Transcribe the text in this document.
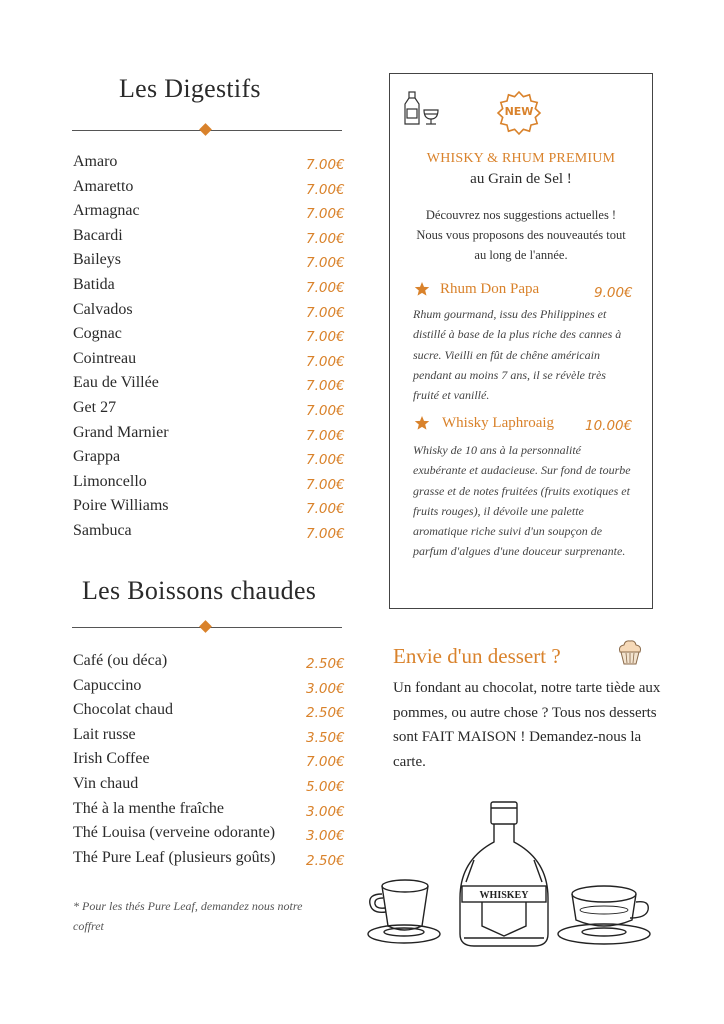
Les Digestifs
Amaro	7.00€
Amaretto	7.00€
Armagnac	7.00€
Bacardi	7.00€
Baileys	7.00€
Batida	7.00€
Calvados	7.00€
Cognac	7.00€
Cointreau	7.00€
Eau de Villée	7.00€
Get 27	7.00€
Grand Marnier	7.00€
Grappa	7.00€
Limoncello	7.00€
Poire Williams	7.00€
Sambuca	7.00€
Les Boissons chaudes
Café (ou déca)	2.50€
Capuccino	3.00€
Chocolat chaud	2.50€
Lait russe	3.50€
Irish Coffee	7.00€
Vin chaud	5.00€
Thé à la menthe fraîche	3.00€
Thé Louisa (verveine odorante) 3.00€
Thé Pure Leaf (plusieurs goûts) 2.50€
* Pour les thés Pure Leaf, demandez nous notre coffret
NEW
WHISKY & RHUM PREMIUM
au Grain de Sel !
Découvrez nos suggestions actuelles ! Nous vous proposons des nouveautés tout au long de l'année.
Rhum Don Papa	9.00€
Rhum gourmand, issu des Philippines et distillé à base de la plus riche des cannes à sucre. Vieilli en fût de chêne américain pendant au moins 7 ans, il se révèle très fruité et vanillé.
Whisky Laphroaig 10.00€
Whisky de 10 ans à la personnalité exubérante et audacieuse. Sur fond de tourbe grasse et de notes fruitées (fruits exotiques et fruits rouges), il dévoile une palette aromatique riche suivi d'un soupçon de parfum d'algues d'une douceur surprenante.
Envie d'un dessert ?
Un fondant au chocolat, notre tarte tiède aux pommes, ou autre chose ? Tous nos desserts sont FAIT MAISON ! Demandez-nous la carte.
WHISKEY
